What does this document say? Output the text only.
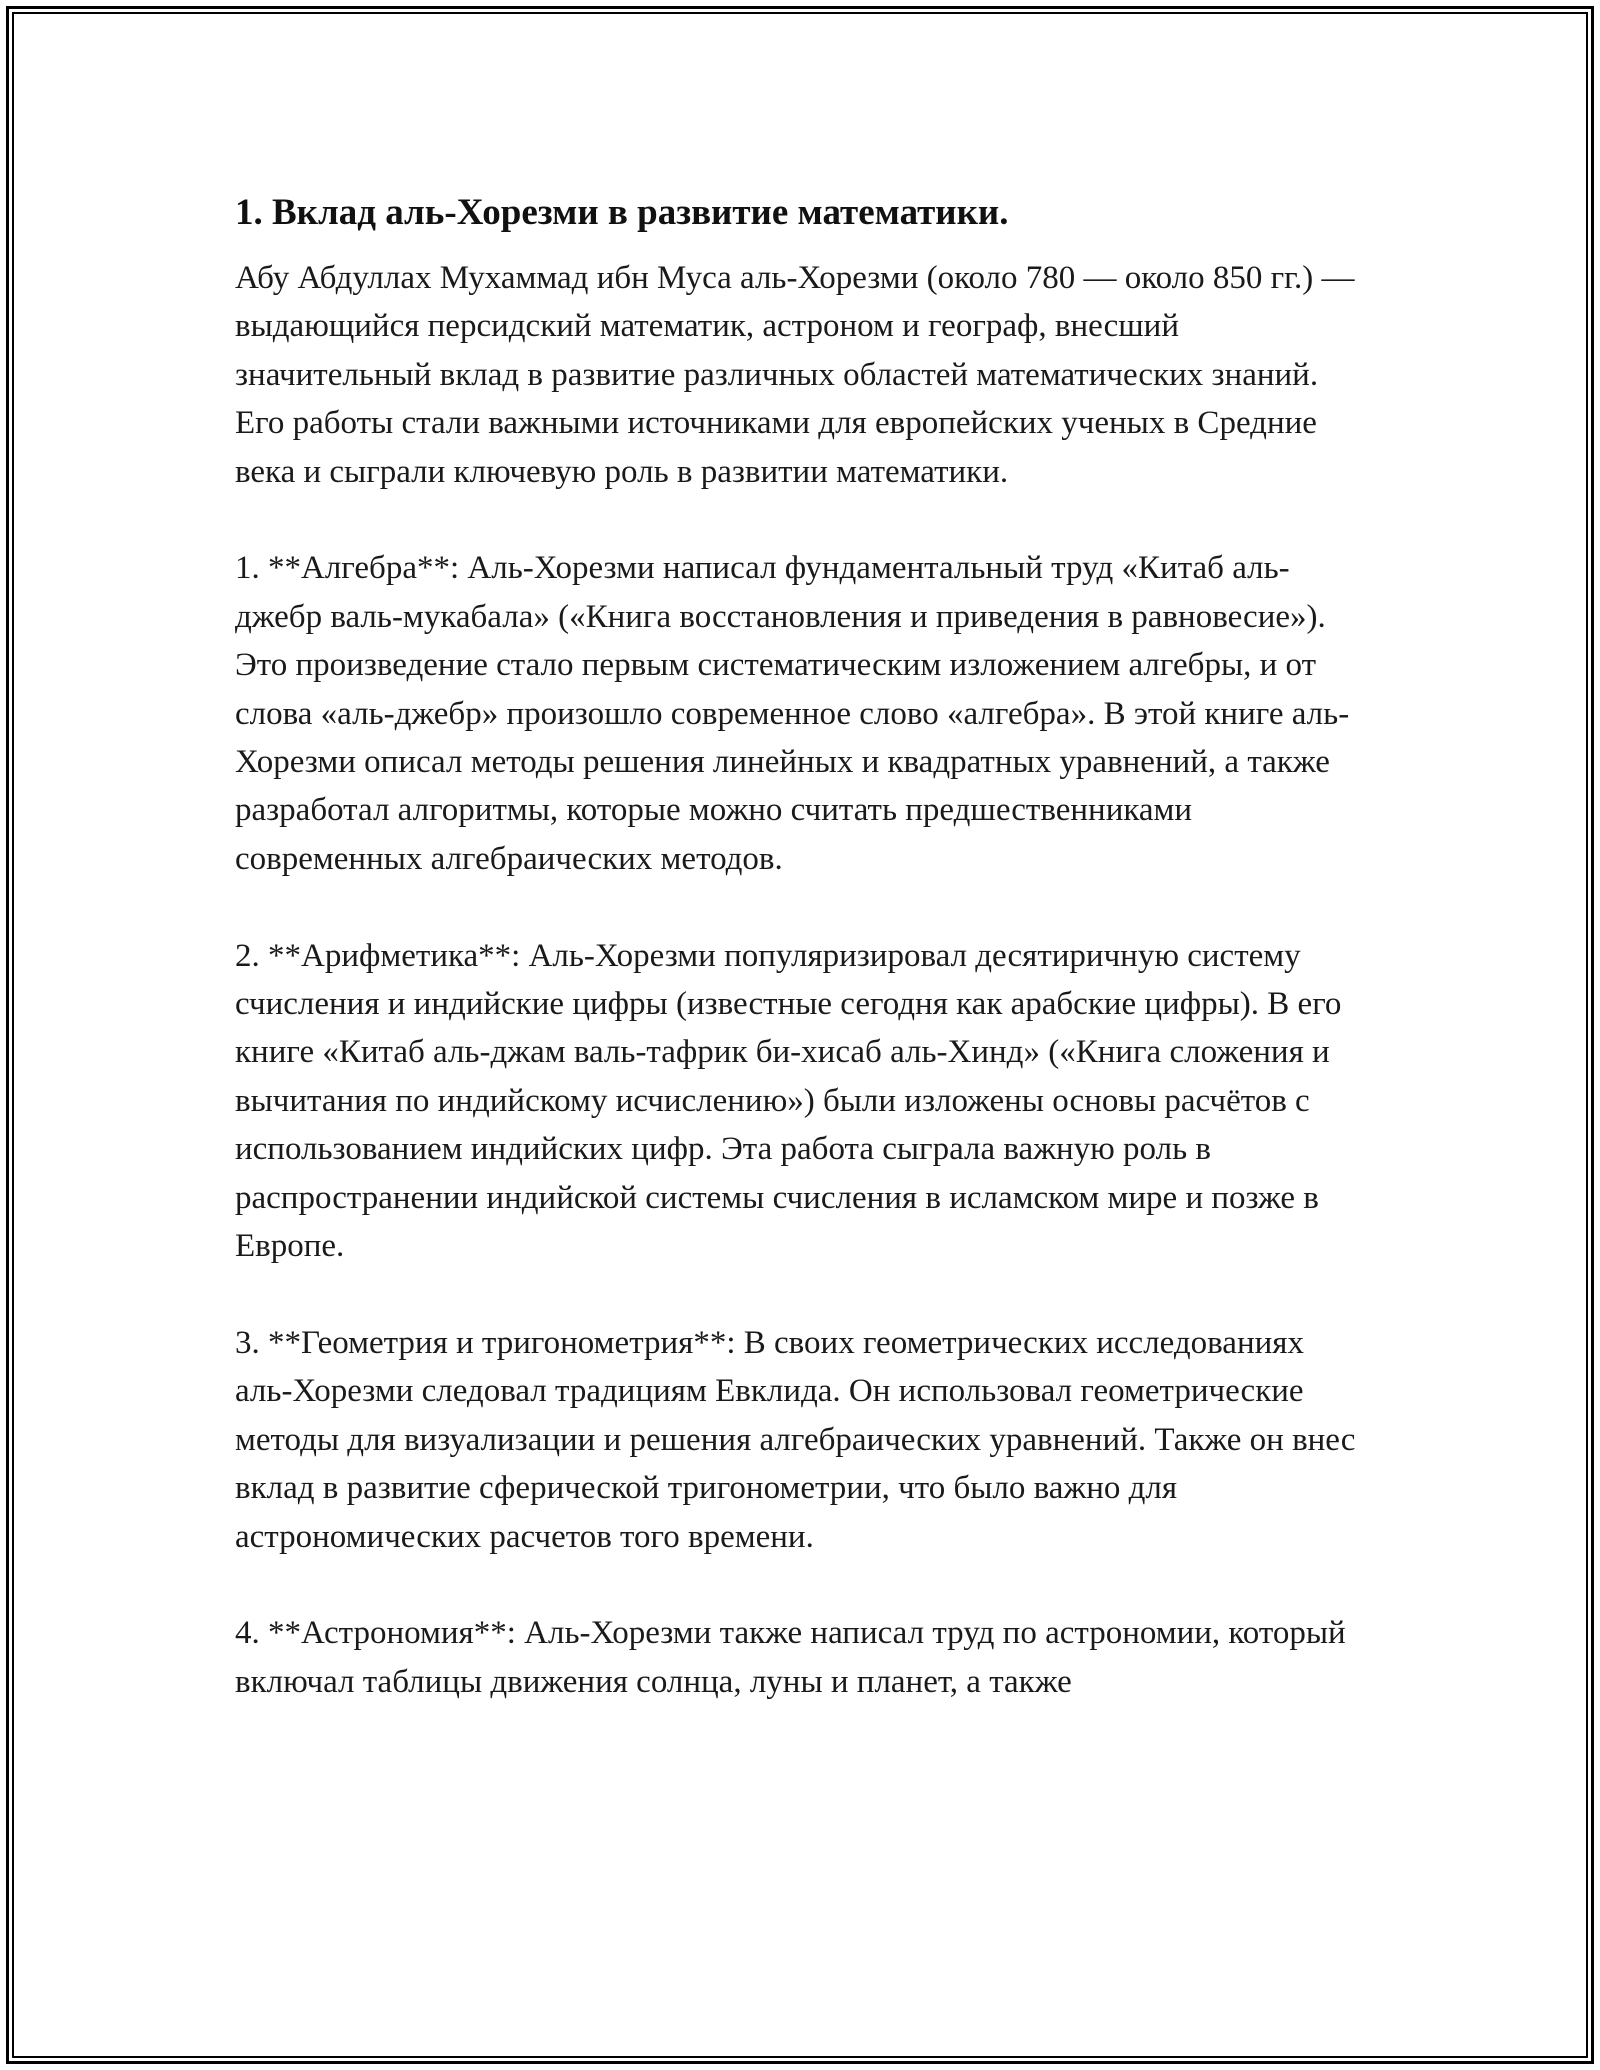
1. Вклад аль-Хорезми в развитие математики.

Абу Абдуллах Мухаммад ибн Муса аль-Хорезми (около 780 — около 850 гг.) — выдающийся персидский математик, астроном и географ, внесший значительный вклад в развитие различных областей математических знаний. Его работы стали важными источниками для европейских ученых в Средние века и сыграли ключевую роль в развитии математики.

1. **Алгебра**: Аль-Хорезми написал фундаментальный труд «Китаб аль-джебр валь-мукабала» («Книга восстановления и приведения в равновесие»). Это произведение стало первым систематическим изложением алгебры, и от слова «аль-джебр» произошло современное слово «алгебра». В этой книге аль-Хорезми описал методы решения линейных и квадратных уравнений, а также разработал алгоритмы, которые можно считать предшественниками современных алгебраических методов.

2. **Арифметика**: Аль-Хорезми популяризировал десятиричную систему счисления и индийские цифры (известные сегодня как арабские цифры). В его книге «Китаб аль-джам валь-тафрик би-хисаб аль-Хинд» («Книга сложения и вычитания по индийскому исчислению») были изложены основы расчётов с использованием индийских цифр. Эта работа сыграла важную роль в распространении индийской системы счисления в исламском мире и позже в Европе.

3. **Геометрия и тригонометрия**: В своих геометрических исследованиях аль-Хорезми следовал традициям Евклида. Он использовал геометрические методы для визуализации и решения алгебраических уравнений. Также он внес вклад в развитие сферической тригонометрии, что было важно для астрономических расчетов того времени.

4. **Астрономия**: Аль-Хорезми также написал труд по астрономии, который включал таблицы движения солнца, луны и планет, а также
